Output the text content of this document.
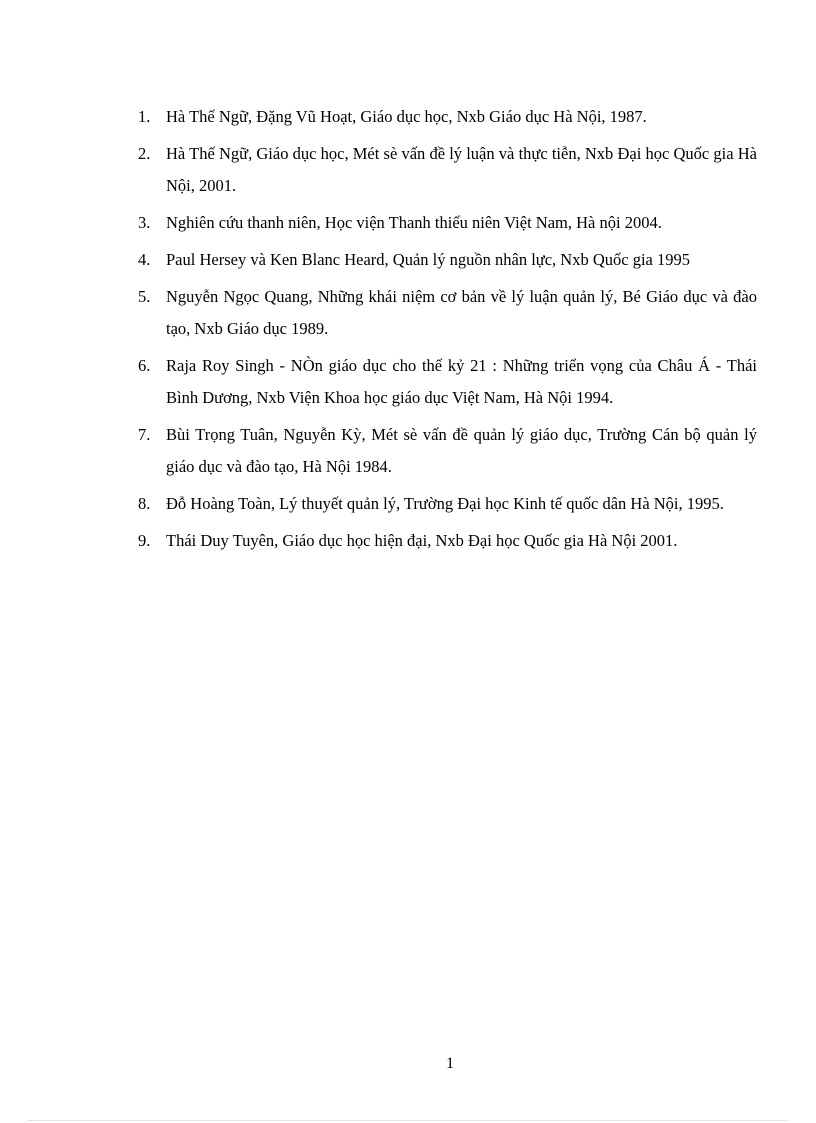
1. Hà Thế Ngữ, Đặng Vũ Hoạt, Giáo dục học, Nxb Giáo dục Hà Nội, 1987.
2. Hà Thế Ngữ, Giáo dục học, Mét sè vấn đề lý luận và thực tiễn, Nxb Đại học Quốc gia Hà Nội, 2001.
3. Nghiên cứu thanh niên, Học viện Thanh thiếu niên Việt Nam, Hà nội 2004.
4. Paul Hersey và Ken Blanc Heard, Quản lý nguồn nhân lực, Nxb Quốc gia 1995
5. Nguyễn Ngọc Quang, Những khái niệm cơ bản về lý luận quản lý, Bé Giáo dục và đào tạo, Nxb Giáo dục 1989.
6. Raja Roy Singh - NÒn giáo dục cho thế kỷ 21 : Những triển vọng của Châu Á - Thái Bình Dương, Nxb Viện Khoa học giáo dục Việt Nam, Hà Nội 1994.
7. Bùi Trọng Tuân, Nguyễn Kỳ, Mét sè vấn đề quản lý giáo dục, Trường Cán bộ quản lý giáo dục và đào tạo, Hà Nội 1984.
8. Đỗ Hoàng Toàn, Lý thuyết quản lý, Trường Đại học Kinh tế quốc dân Hà Nội, 1995.
9. Thái Duy Tuyên, Giáo dục học hiện đại, Nxb Đại học Quốc gia Hà Nội 2001.
1
